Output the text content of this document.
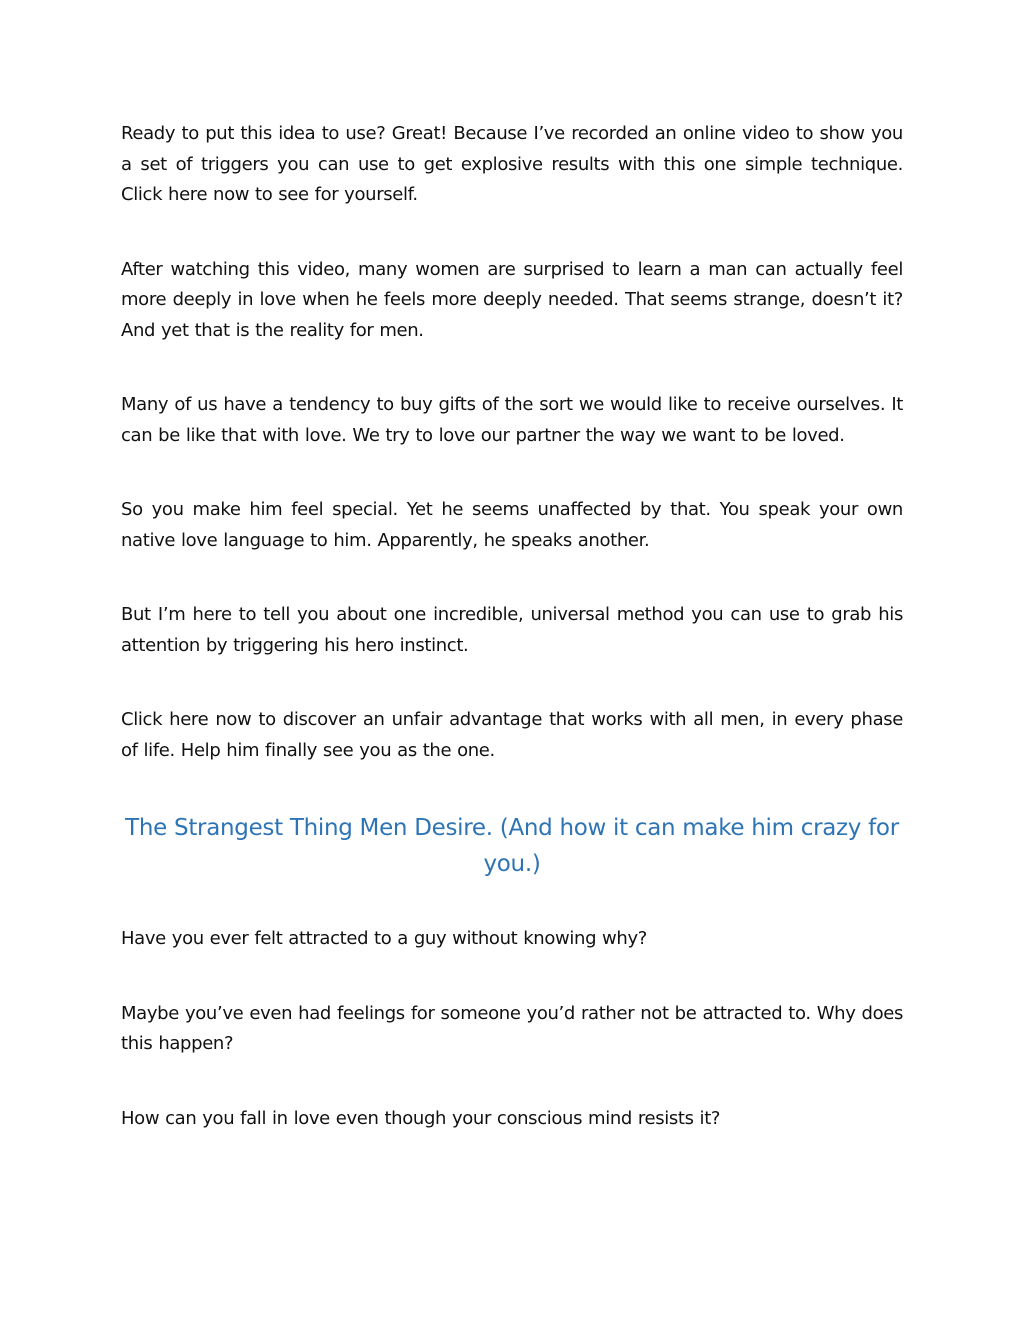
Ready to put this idea to use? Great! Because I’ve recorded an online video to show you a set of triggers you can use to get explosive results with this one simple technique. Click here now to see for yourself.

After watching this video, many women are surprised to learn a man can actually feel more deeply in love when he feels more deeply needed. That seems strange, doesn’t it? And yet that is the reality for men.

Many of us have a tendency to buy gifts of the sort we would like to receive ourselves. It can be like that with love. We try to love our partner the way we want to be loved.

So you make him feel special. Yet he seems unaffected by that. You speak your own native love language to him. Apparently, he speaks another.

But I’m here to tell you about one incredible, universal method you can use to grab his attention by triggering his hero instinct.

Click here now to discover an unfair advantage that works with all men, in every phase of life. Help him finally see you as the one.

The Strangest Thing Men Desire. (And how it can make him crazy for you.)

Have you ever felt attracted to a guy without knowing why?

Maybe you’ve even had feelings for someone you’d rather not be attracted to. Why does this happen?

How can you fall in love even though your conscious mind resists it?
